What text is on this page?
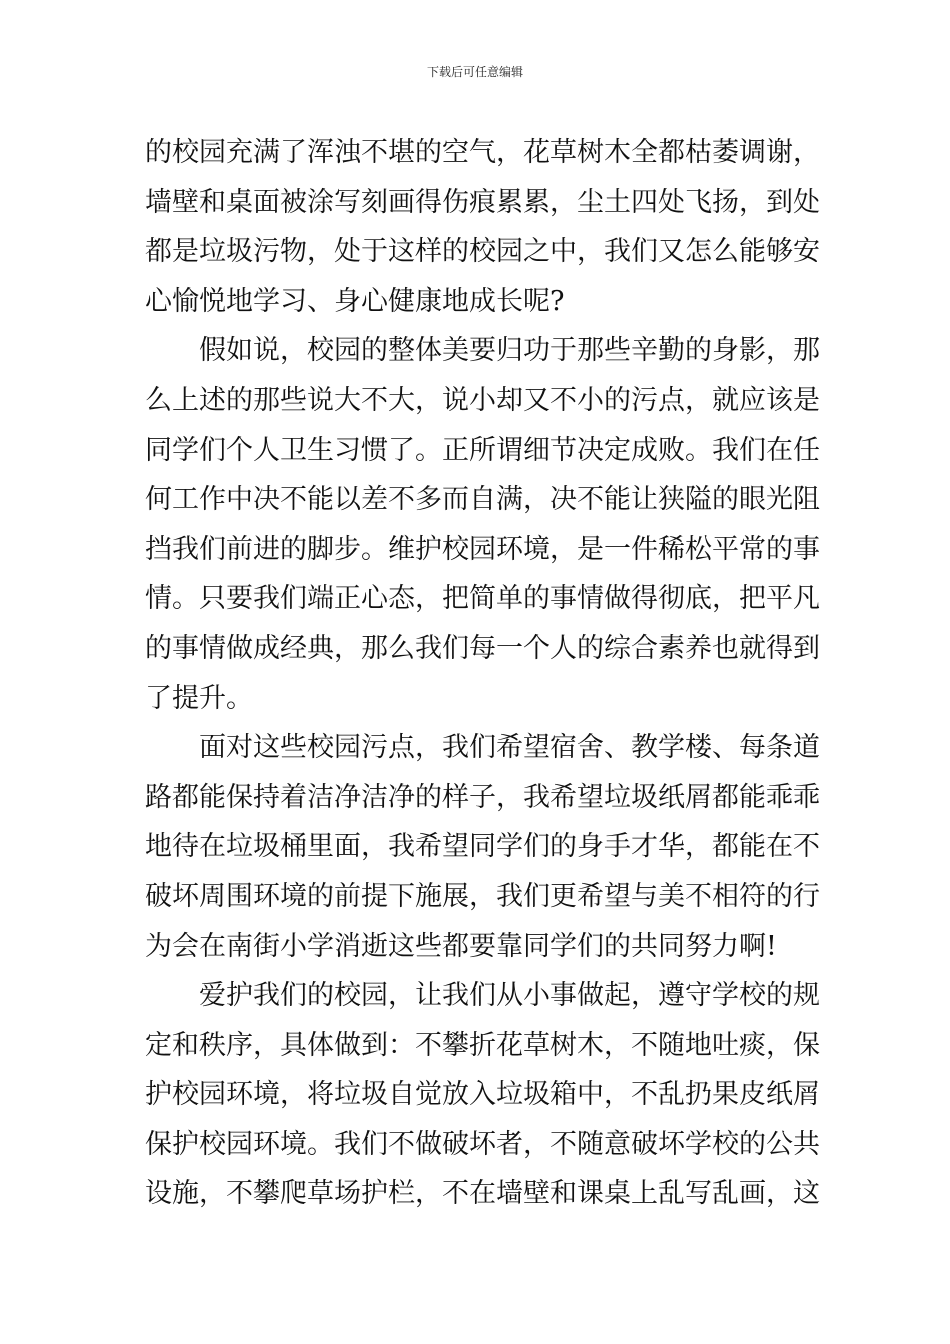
下载后可任意编辑
的校园充满了浑浊不堪的空气，花草树木全都枯萎调谢，
墙壁和桌面被涂写刻画得伤痕累累，尘土四处飞扬，到处
都是垃圾污物，处于这样的校园之中，我们又怎么能够安
心愉悦地学习、身心健康地成长呢?
假如说，校园的整体美要归功于那些辛勤的身影，那
么上述的那些说大不大，说小却又不小的污点，就应该是
同学们个人卫生习惯了。正所谓细节决定成败。我们在任
何工作中决不能以差不多而自满，决不能让狭隘的眼光阻
挡我们前进的脚步。维护校园环境，是一件稀松平常的事
情。只要我们端正心态，把简单的事情做得彻底，把平凡
的事情做成经典，那么我们每一个人的综合素养也就得到
了提升。
面对这些校园污点，我们希望宿舍、教学楼、每条道
路都能保持着洁净洁净的样子，我希望垃圾纸屑都能乖乖
地待在垃圾桶里面，我希望同学们的身手才华，都能在不
破坏周围环境的前提下施展，我们更希望与美不相符的行
为会在南街小学消逝这些都要靠同学们的共同努力啊!
爱护我们的校园，让我们从小事做起，遵守学校的规
定和秩序，具体做到：不攀折花草树木，不随地吐痰，保
护校园环境，将垃圾自觉放入垃圾箱中，不乱扔果皮纸屑
保护校园环境。我们不做破坏者，不随意破坏学校的公共
设施，不攀爬草场护栏，不在墙壁和课桌上乱写乱画，这
